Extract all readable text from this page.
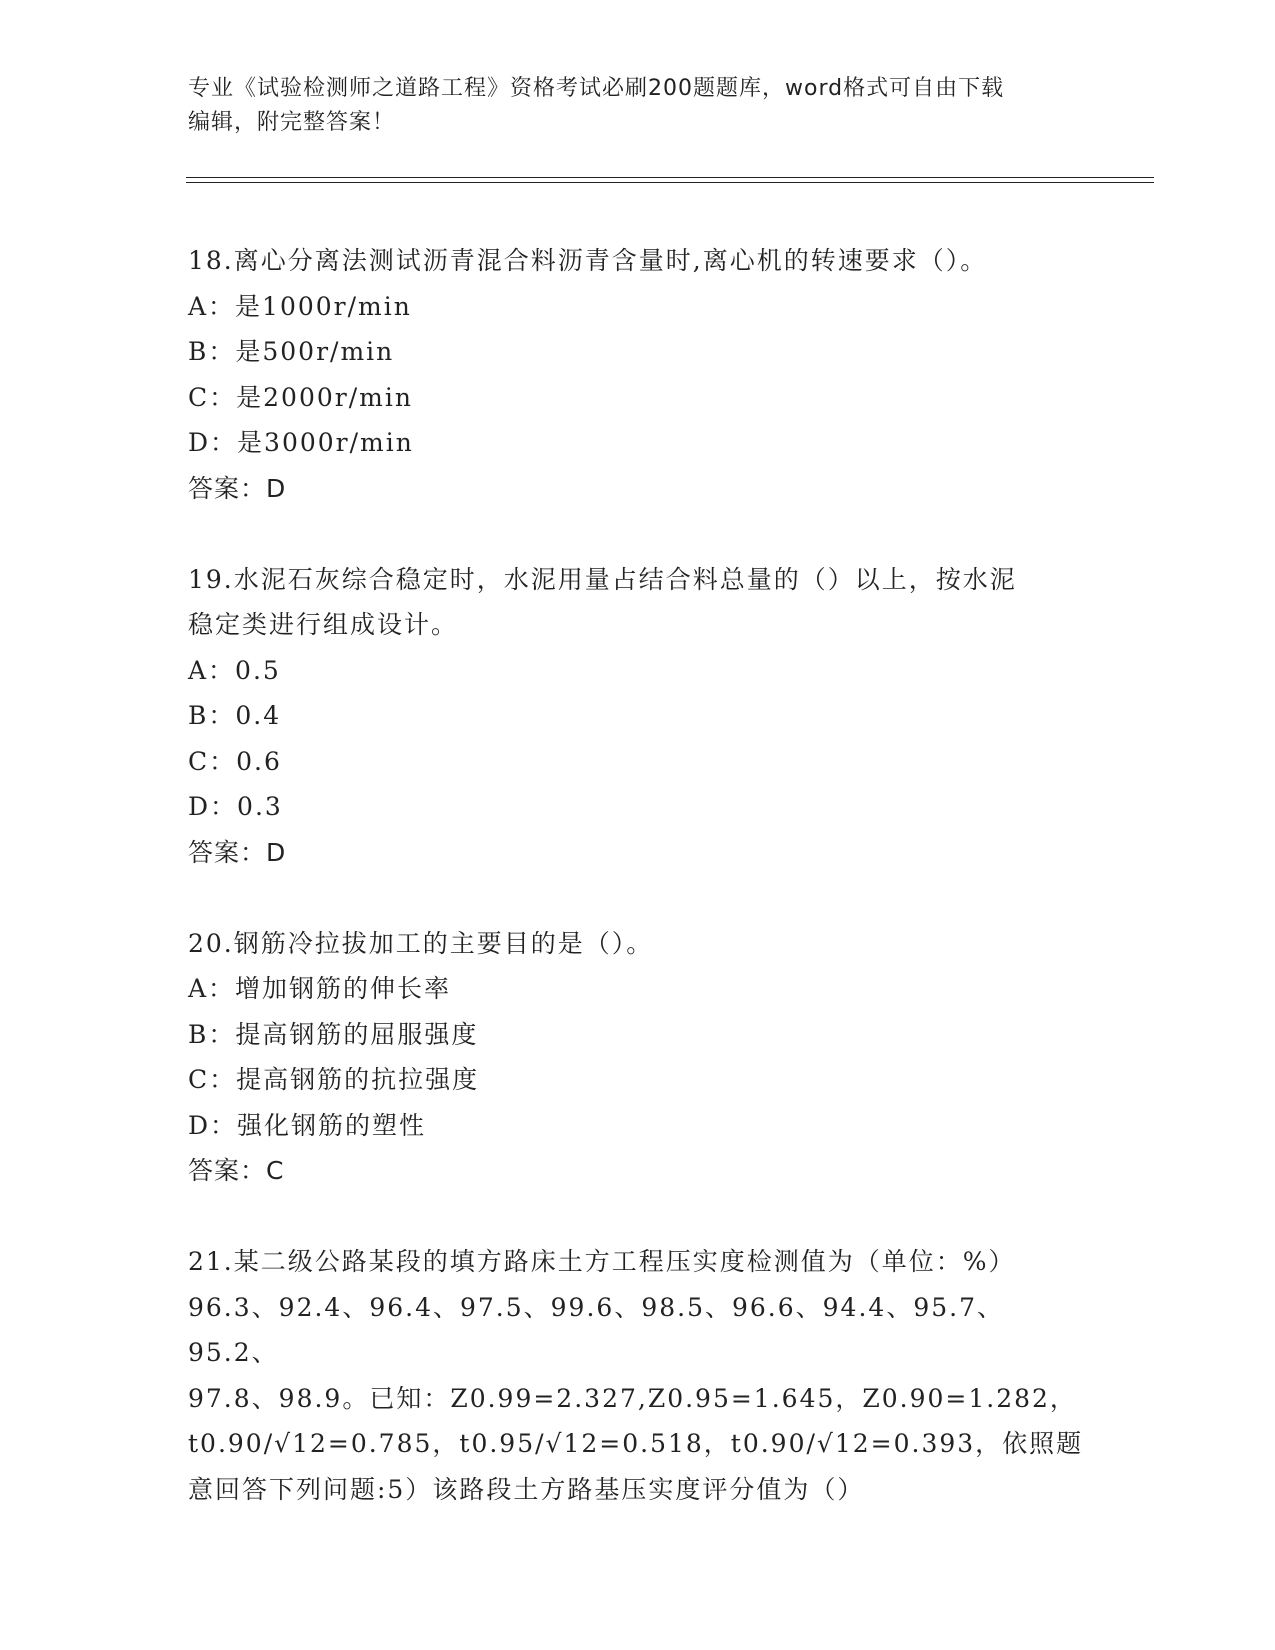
专业《试验检测师之道路工程》资格考试必刷200题题库，word格式可自由下载
编辑，附完整答案！
18.离心分离法测试沥青混合料沥青含量时,离心机的转速要求（）。
A：是1000r/min
B：是500r/min
C：是2000r/min
D：是3000r/min
答案：D
19.水泥石灰综合稳定时，水泥用量占结合料总量的（）以上，按水泥
稳定类进行组成设计。
A：0.5
B：0.4
C：0.6
D：0.3
答案：D
20.钢筋冷拉拔加工的主要目的是（）。
A：增加钢筋的伸长率
B：提高钢筋的屈服强度
C：提高钢筋的抗拉强度
D：强化钢筋的塑性
答案：C
21.某二级公路某段的填方路床土方工程压实度检测值为（单位：%）
96.3、92.4、96.4、97.5、99.6、98.5、96.6、94.4、95.7、95.2、
97.8、98.9。已知：Z0.99=2.327,Z0.95=1.645，Z0.90=1.282，
t0.90/√12=0.785，t0.95/√12=0.518，t0.90/√12=0.393，依照题
意回答下列问题:5）该路段土方路基压实度评分值为（）
